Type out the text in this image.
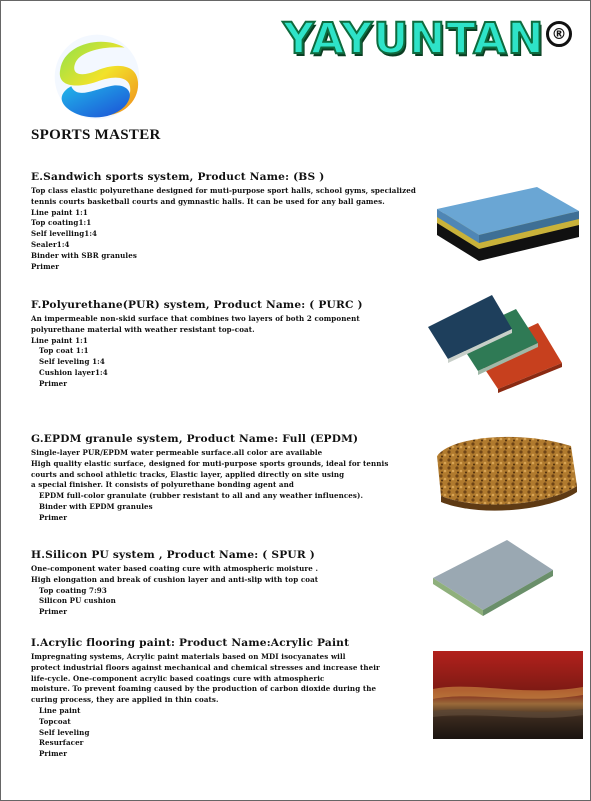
YAYUNTAN ®
SPORTS MASTER
E.Sandwich sports system, Product Name: (BS )

Top class elastic polyurethane designed for muti-purpose sport halls, school gyms, specialized

tennis courts basketball courts and gymnastic halls. It can be used for any ball games.

Line paint 1:1

Top coating1:1

Self levelling1:4

Sealer1:4

Binder with SBR granules

Primer

F.Polyurethane(PUR) system, Product Name: ( PURC )

An impermeable non-skid surface that combines two layers of both 2 component

polyurethane material with weather resistant top-coat.

Line paint 1:1

Top coat 1:1

Self leveling 1:4

Cushion layer1:4

Primer

G.EPDM granule system, Product Name: Full (EPDM)

Single-layer PUR/EPDM water permeable surface.all color are available

High quality elastic surface, designed for muti-purpose sports grounds, ideal for tennis

courts and school athletic tracks, Elastic layer, applied directly on site using

a special finisher. It consists of polyurethane bonding agent and

EPDM full-color granulate (rubber resistant to all and any weather influences).

Binder with EPDM granules

Primer

H.Silicon PU system , Product Name: ( SPUR )

One-component water based coating cure with atmospheric moisture .

High elongation and break of cushion layer and anti-slip with top coat

Top coating 7:93

Silicon PU cushion

Primer

I.Acrylic flooring paint: Product Name:Acrylic Paint

Impregnating systems, Acrylic paint materials based on MDI isocyanates will

protect industrial floors against mechanical and chemical stresses and increase their

life-cycle. One-component acrylic based coatings cure with atmospheric

moisture. To prevent foaming caused by the production of carbon dioxide during the

curing process, they are applied in thin coats.

Line paint

Topcoat

Self leveling

Resurfacer

Primer
